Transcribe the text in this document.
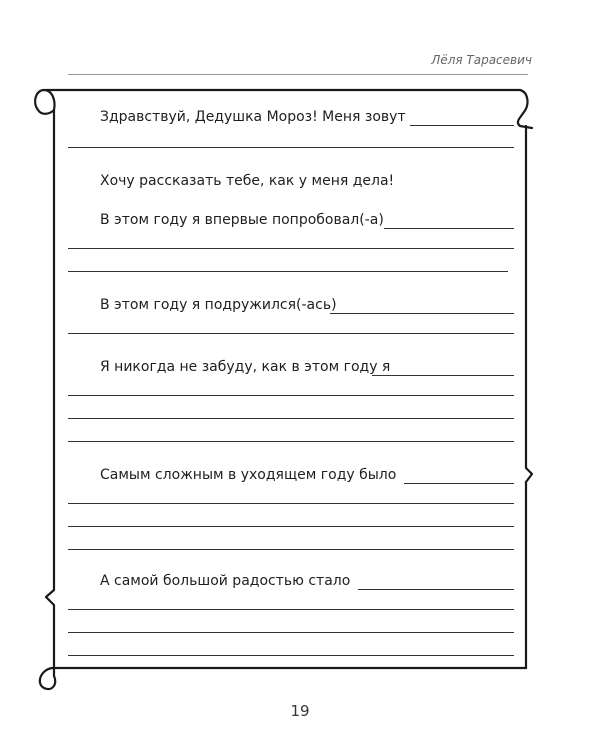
Лёля Тарасевич
Здравствуй, Дедушка Мороз! Меня зовут
Хочу рассказать тебе, как у меня дела!
В этом году я впервые попробовал(-а)
В этом году я подружился(-ась)
Я никогда не забуду, как в этом году я
Самым сложным в уходящем году было
А самой большой радостью стало
19
